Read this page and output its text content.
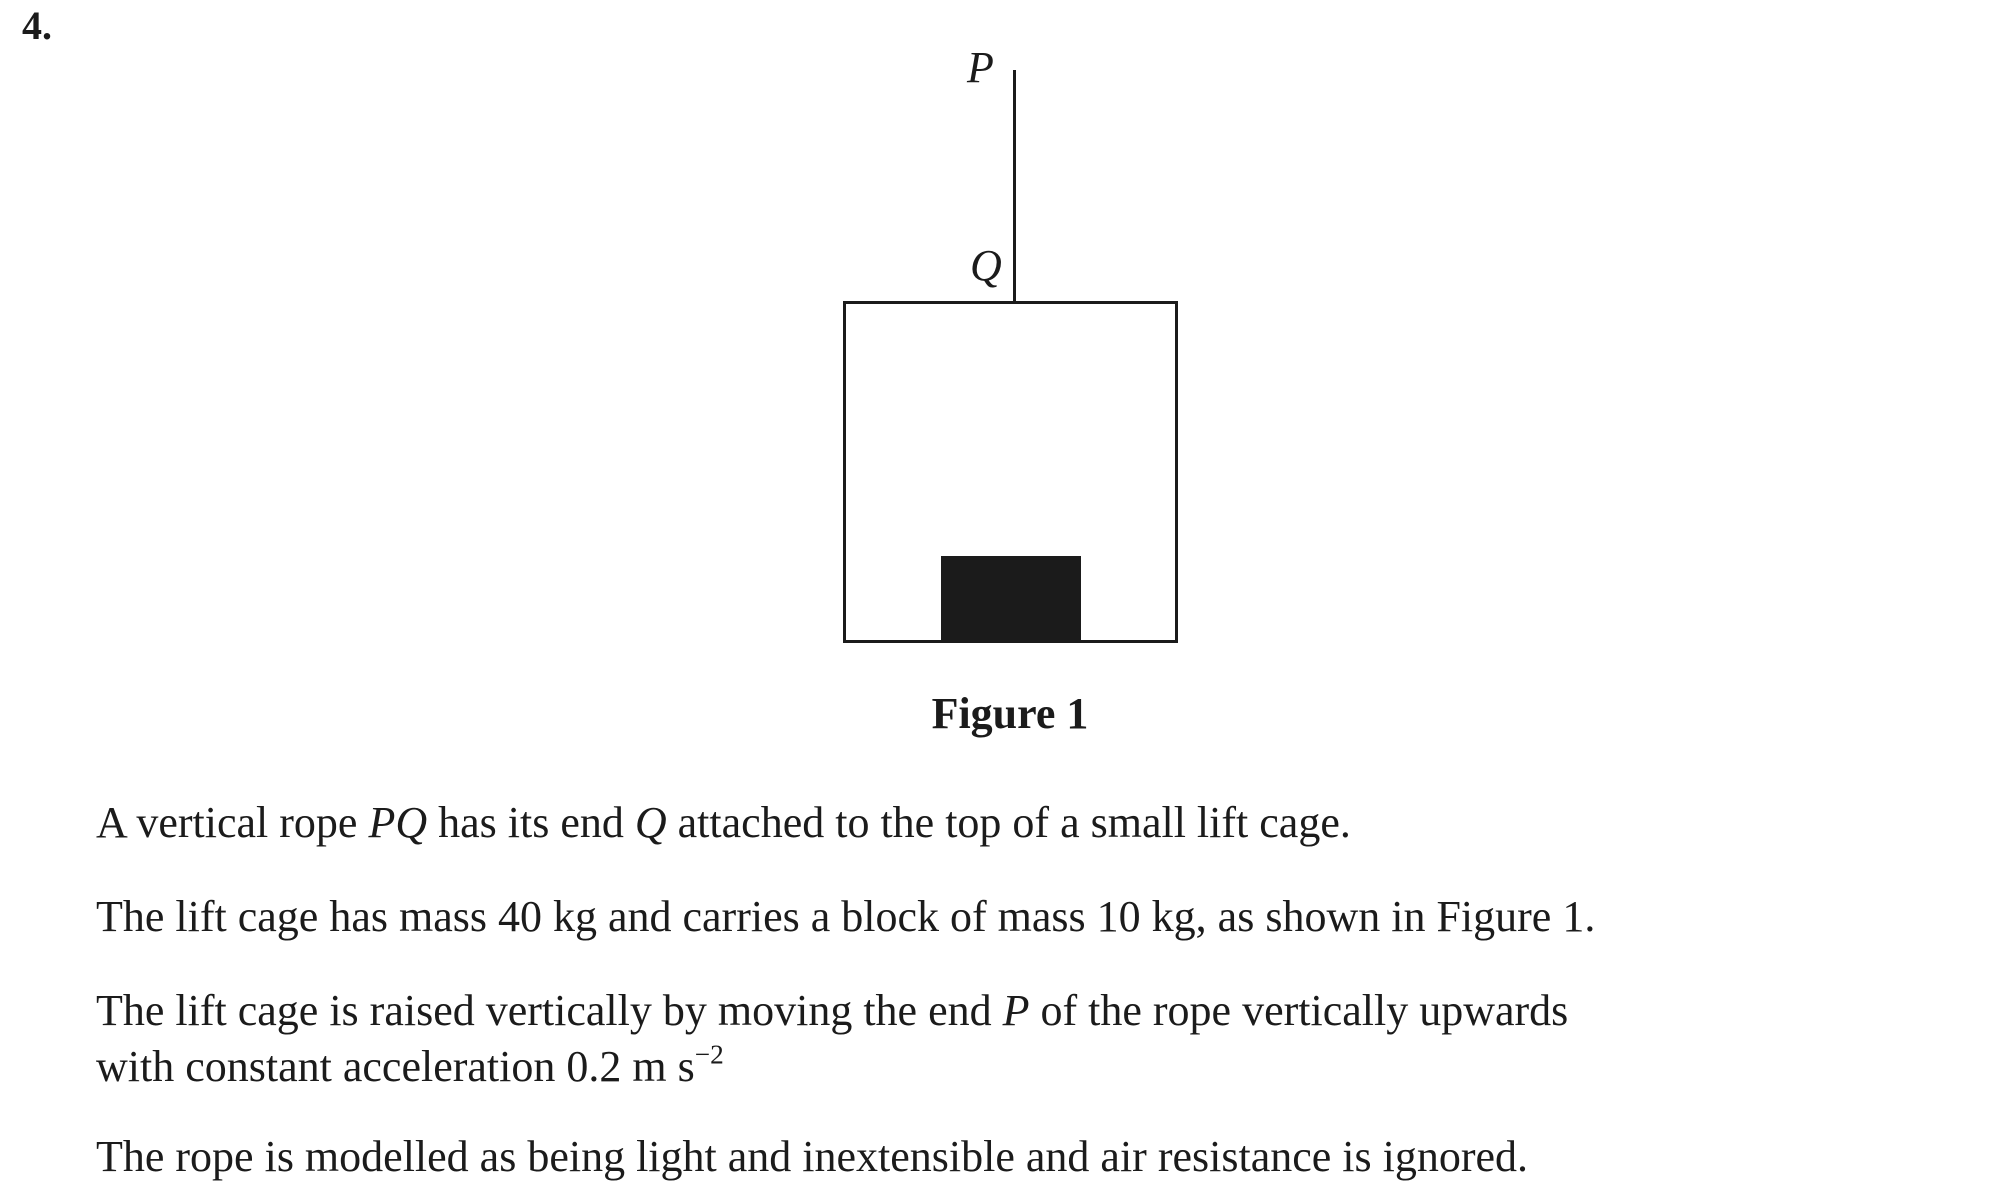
4.
P
Q
Figure 1

A vertical rope PQ has its end Q attached to the top of a small lift cage.

The lift cage has mass 40 kg and carries a block of mass 10 kg, as shown in Figure 1.

The lift cage is raised vertically by moving the end P of the rope vertically upwards
with constant acceleration 0.2 m $s^{-2}$

The rope is modelled as being light and inextensible and air resistance is ignored.
